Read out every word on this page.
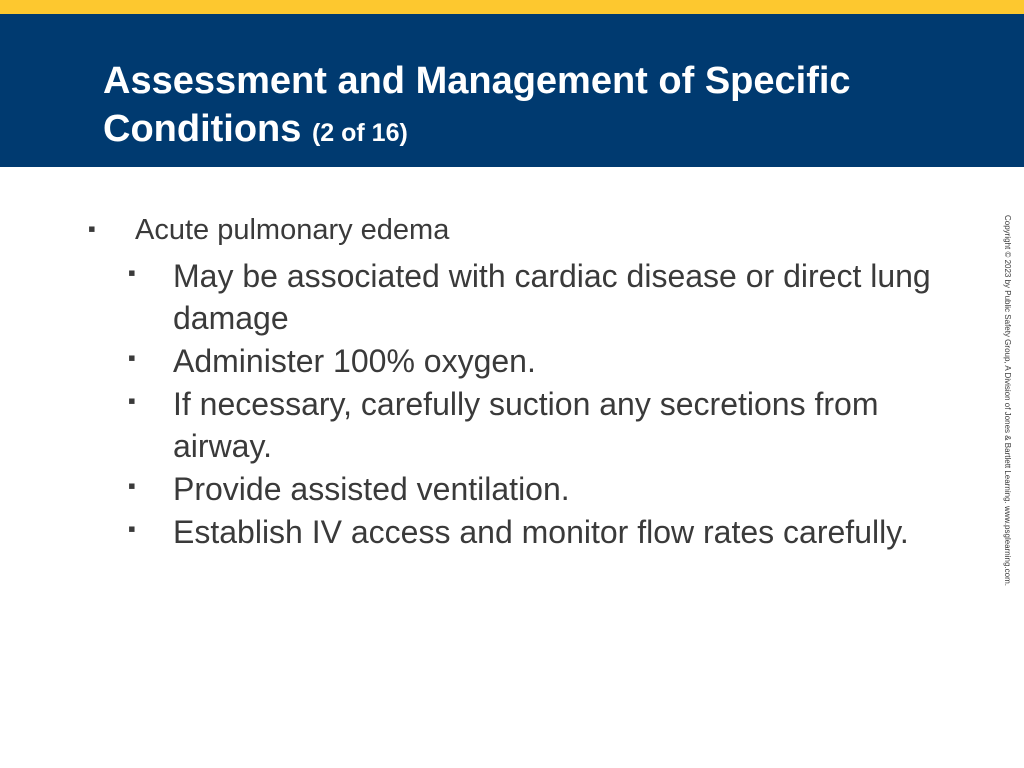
Assessment and Management of Specific Conditions (2 of 16)
▪ Acute pulmonary edema
▪ May be associated with cardiac disease or direct lung damage
▪ Administer 100% oxygen.
▪ If necessary, carefully suction any secretions from airway.
▪ Provide assisted ventilation.
▪ Establish IV access and monitor flow rates carefully.	Copyright © 2023 by Public Safety Group, A Division of Jones & Bartlett Learning. www.psglearning.com.
